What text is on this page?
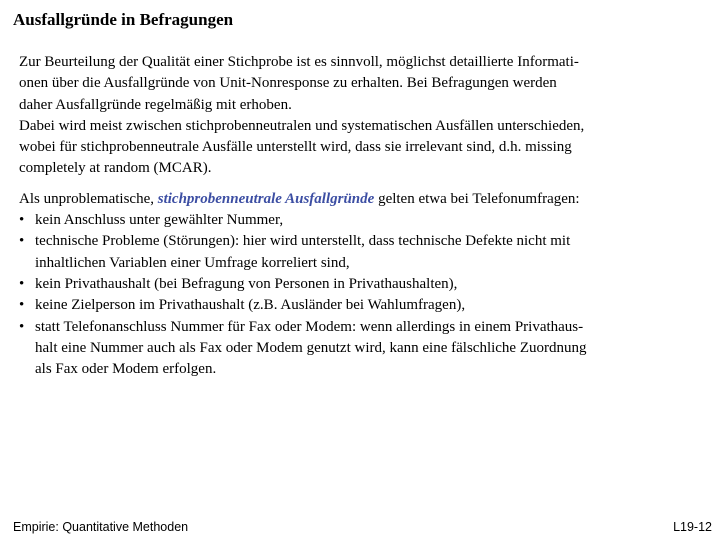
Ausfallgründe in Befragungen
Zur Beurteilung der Qualität einer Stichprobe ist es sinnvoll, möglichst detaillierte Informati-
onen über die Ausfallgründe von Unit-Nonresponse zu erhalten. Bei Befragungen werden
daher Ausfallgründe regelmäßig mit erhoben.
Dabei wird meist zwischen stichprobenneutralen und systematischen Ausfällen unterschieden,
wobei für stichprobenneutrale Ausfälle unterstellt wird, dass sie irrelevant sind, d.h. missing
completely at random (MCAR).
Als unproblematische, stichprobenneutrale Ausfallgründe gelten etwa bei Telefonumfragen:
• kein Anschluss unter gewählter Nummer,
• technische Probleme (Störungen): hier wird unterstellt, dass technische Defekte nicht mit
inhaltlichen Variablen einer Umfrage korreliert sind,
• kein Privathaushalt (bei Befragung von Personen in Privathaushalten),
• keine Zielperson im Privathaushalt (z.B. Ausländer bei Wahlumfragen),
• statt Telefonanschluss Nummer für Fax oder Modem: wenn allerdings in einem Privathaus-
halt eine Nummer auch als Fax oder Modem genutzt wird, kann eine fälschliche Zuordnung
als Fax oder Modem erfolgen.
Empirie: Quantitative Methoden	L19-12
